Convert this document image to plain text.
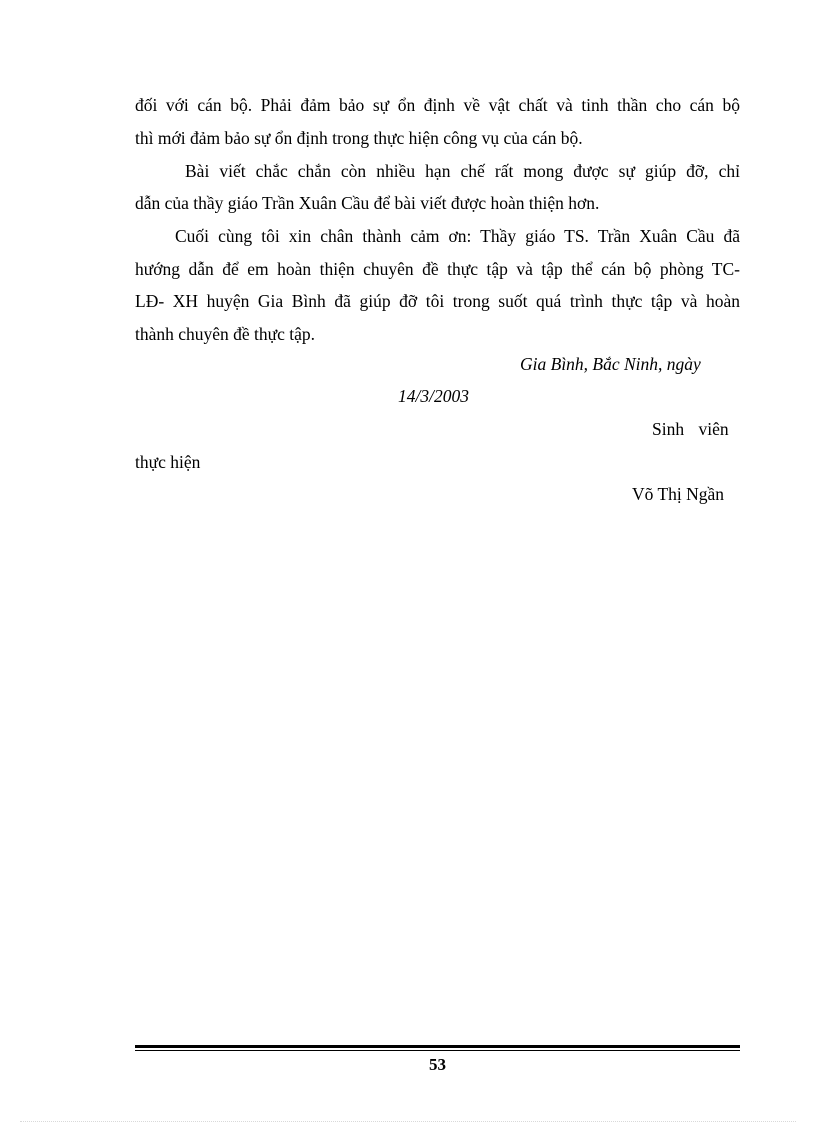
đối với cán bộ. Phải đảm bảo sự ổn định về vật chất và tinh thần cho cán bộ
thì mới đảm bảo sự ổn định trong thực hiện công vụ của cán bộ.
Bài viết chắc chắn còn nhiều hạn chế rất mong được sự giúp đỡ, chỉ
dẫn của thầy giáo Trần Xuân Cầu để bài viết được hoàn thiện hơn.
Cuối cùng tôi xin chân thành cảm ơn: Thầy giáo TS. Trần Xuân Cầu đã
hướng dẫn để em hoàn thiện chuyên đề thực tập và tập thể cán bộ phòng TC-
LĐ- XH huyện Gia Bình đã giúp đỡ tôi trong suốt quá trình thực tập và hoàn
thành chuyên đề thực tập.
Gia Bình, Bắc Ninh, ngày
14/3/2003
Sinh viên
thực hiện
Võ Thị Ngần
53
